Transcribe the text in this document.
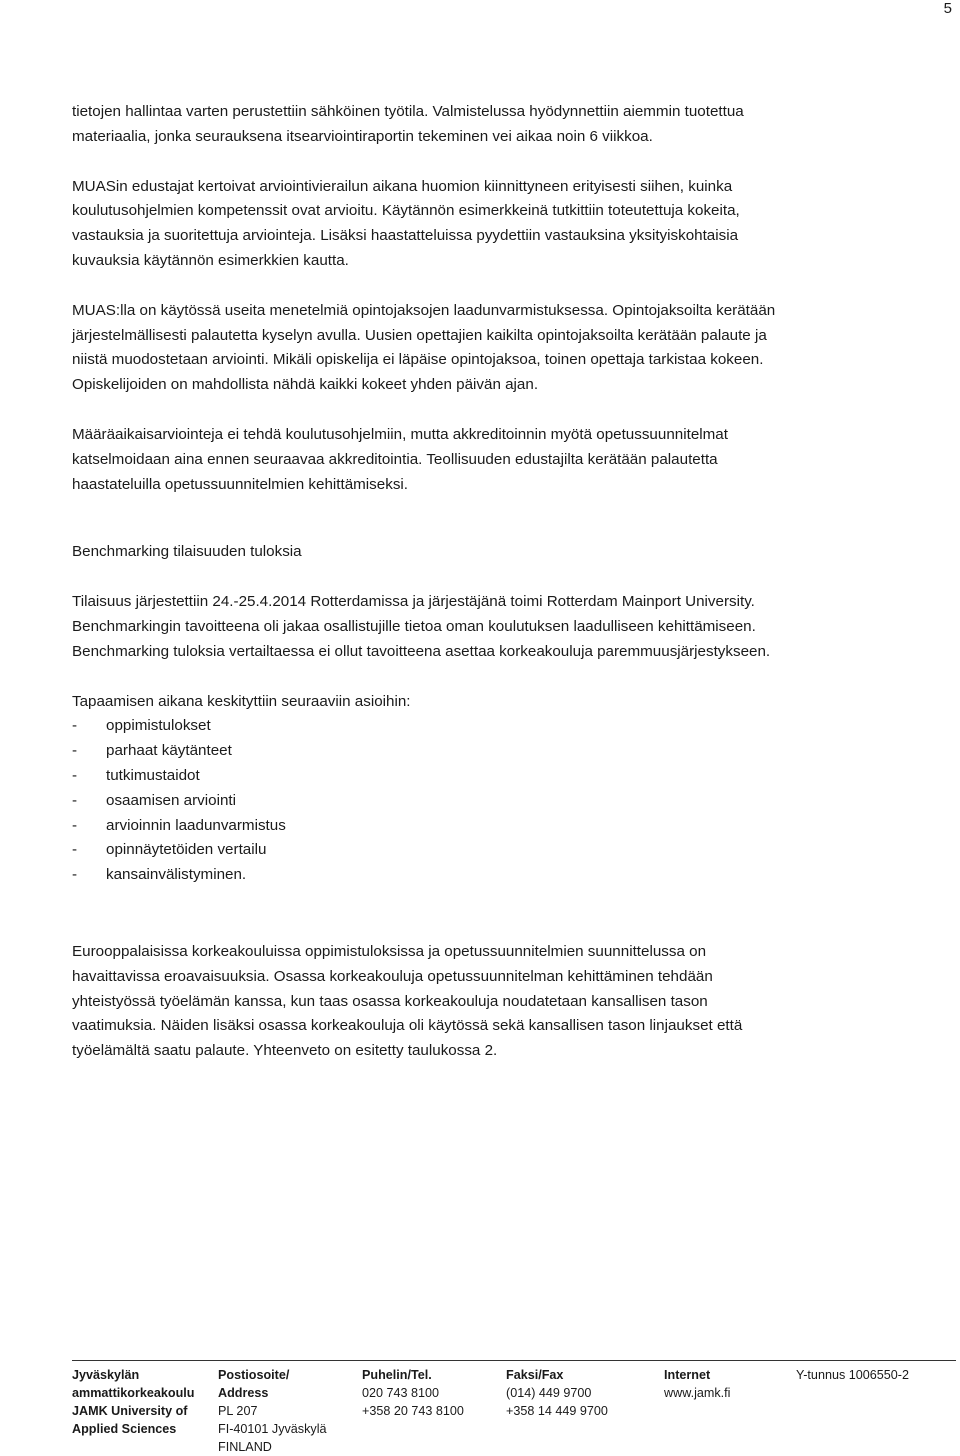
5
tietojen hallintaa varten perustettiin sähköinen työtila. Valmistelussa hyödynnettiin aiemmin tuotettua
materiaalia, jonka seurauksena itsearviointiraportin tekeminen vei aikaa noin 6 viikkoa.
MUASin edustajat kertoivat arviointivierailun aikana huomion kiinnittyneen erityisesti siihen, kuinka
koulutusohjelmien kompetenssit ovat arvioitu. Käytännön esimerkkeinä tutkittiin toteutettuja kokeita,
vastauksia ja suoritettuja arviointeja. Lisäksi haastatteluissa pyydettiin vastauksina yksityiskohtaisia
kuvauksia käytännön esimerkkien kautta.
MUAS:lla on käytössä useita menetelmiä opintojaksojen laadunvarmistuksessa. Opintojaksoilta kerätään
järjestelmällisesti palautetta kyselyn avulla. Uusien opettajien kaikilta opintojaksoilta kerätään palaute ja
niistä muodostetaan arviointi. Mikäli opiskelija ei läpäise opintojaksoa, toinen opettaja tarkistaa kokeen.
Opiskelijoiden on mahdollista nähdä kaikki kokeet yhden päivän ajan.
Määräaikaisarviointeja ei tehdä koulutusohjelmiin, mutta akkreditoinnin myötä opetussuunnitelmat
katselmoidaan aina ennen seuraavaa akkreditointia. Teollisuuden edustajilta kerätään palautetta
haastateluilla opetussuunnitelmien kehittämiseksi.
Benchmarking tilaisuuden tuloksia
Tilaisuus järjestettiin 24.-25.4.2014 Rotterdamissa ja järjestäjänä toimi Rotterdam Mainport University.
Benchmarkingin tavoitteena oli jakaa osallistujille tietoa oman koulutuksen laadulliseen kehittämiseen.
Benchmarking tuloksia vertailtaessa ei ollut tavoitteena asettaa korkeakouluja paremmuusjärjestykseen.
Tapaamisen aikana keskityttiin seuraaviin asioihin:
- oppimistulokset
- parhaat käytänteet
- tutkimustaidot
- osaamisen arviointi
- arvioinnin laadunvarmistus
- opinnäytetöiden vertailu
- kansainvälistyminen.
Eurooppalaisissa korkeakouluissa oppimistuloksissa ja opetussuunnitelmien suunnittelussa on
havaittavissa eroavaisuuksia. Osassa korkeakouluja opetussuunnitelman kehittäminen tehdään
yhteistyössä työelämän kanssa, kun taas osassa korkeakouluja noudatetaan kansallisen tason
vaatimuksia. Näiden lisäksi osassa korkeakouluja oli käytössä sekä kansallisen tason linjaukset että
työelämältä saatu palaute. Yhteenveto on esitetty taulukossa 2.
Jyväskylän
ammattikorkeakoulu
JAMK University of
Applied Sciences
Postiosoite/
Address
PL 207
FI-40101 Jyväskylä
FINLAND
Puhelin/Tel.
020 743 8100
+358 20 743 8100
Faksi/Fax
(014) 449 9700
+358 14 449 9700
Internet
www.jamk.fi
Y-tunnus 1006550-2
